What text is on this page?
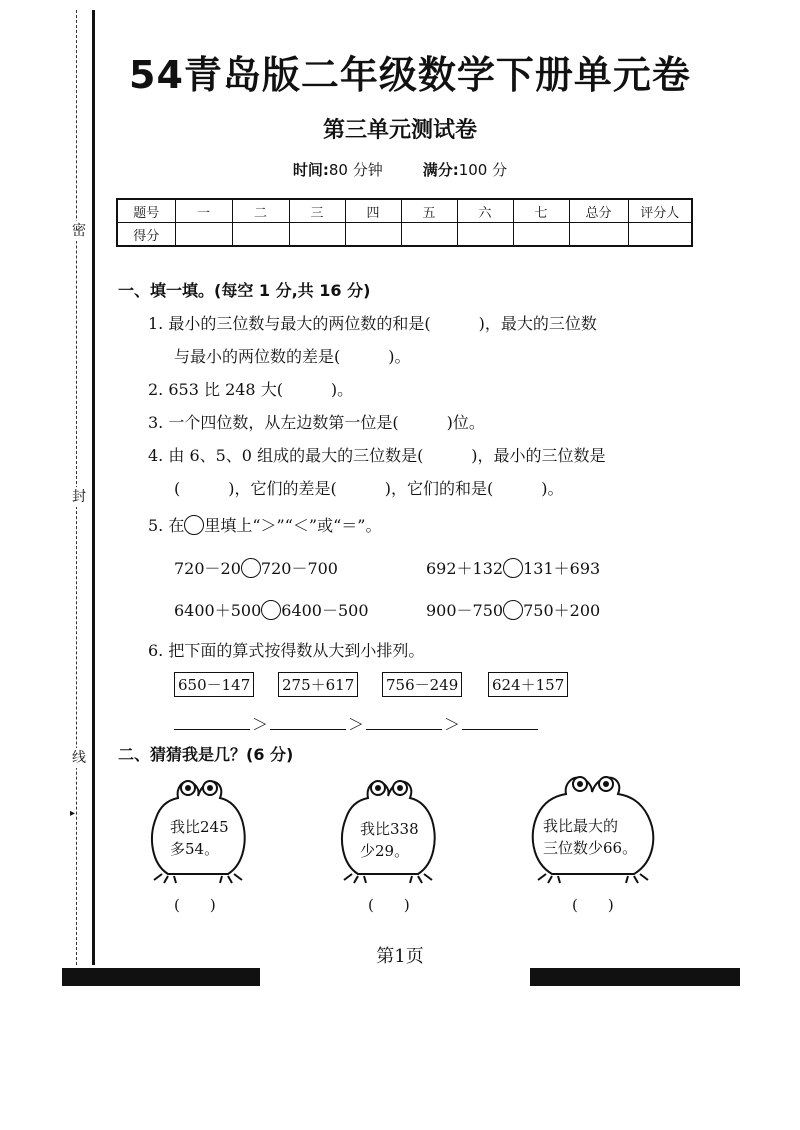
密
封
线
▸
54青岛版二年级数学下册单元卷
第三单元测试卷
时间:80 分钟	满分:100 分
题号	一	二	三	四	五	六	七	总分	评分人
得分									
一、填一填。(每空 1 分,共 16 分)
1. 最小的三位数与最大的两位数的和是(　　　)，最大的三位数
与最小的两位数的差是(　　　)。
2. 653 比 248 大(　　　)。
3. 一个四位数，从左边数第一位是(　　　)位。
4. 由 6、5、0 组成的最大的三位数是(　　　)，最小的三位数是
(　　　)，它们的差是(　　　)，它们的和是(　　　)。
5. 在 里填上“＞”“＜”或“＝”。
720－20 720－700	692＋132 131＋693
6400＋500 6400－500	900－750 750＋200
6. 把下面的算式按得数从大到小排列。
650－147 275＋617 756－249 624＋157
＞	＞	＞
二、猜猜我是几？(6 分)
我比245
多54。
我比338
少29。
我比最大的
三位数少66。
(　　)	(　　)	(　　)
第1页
